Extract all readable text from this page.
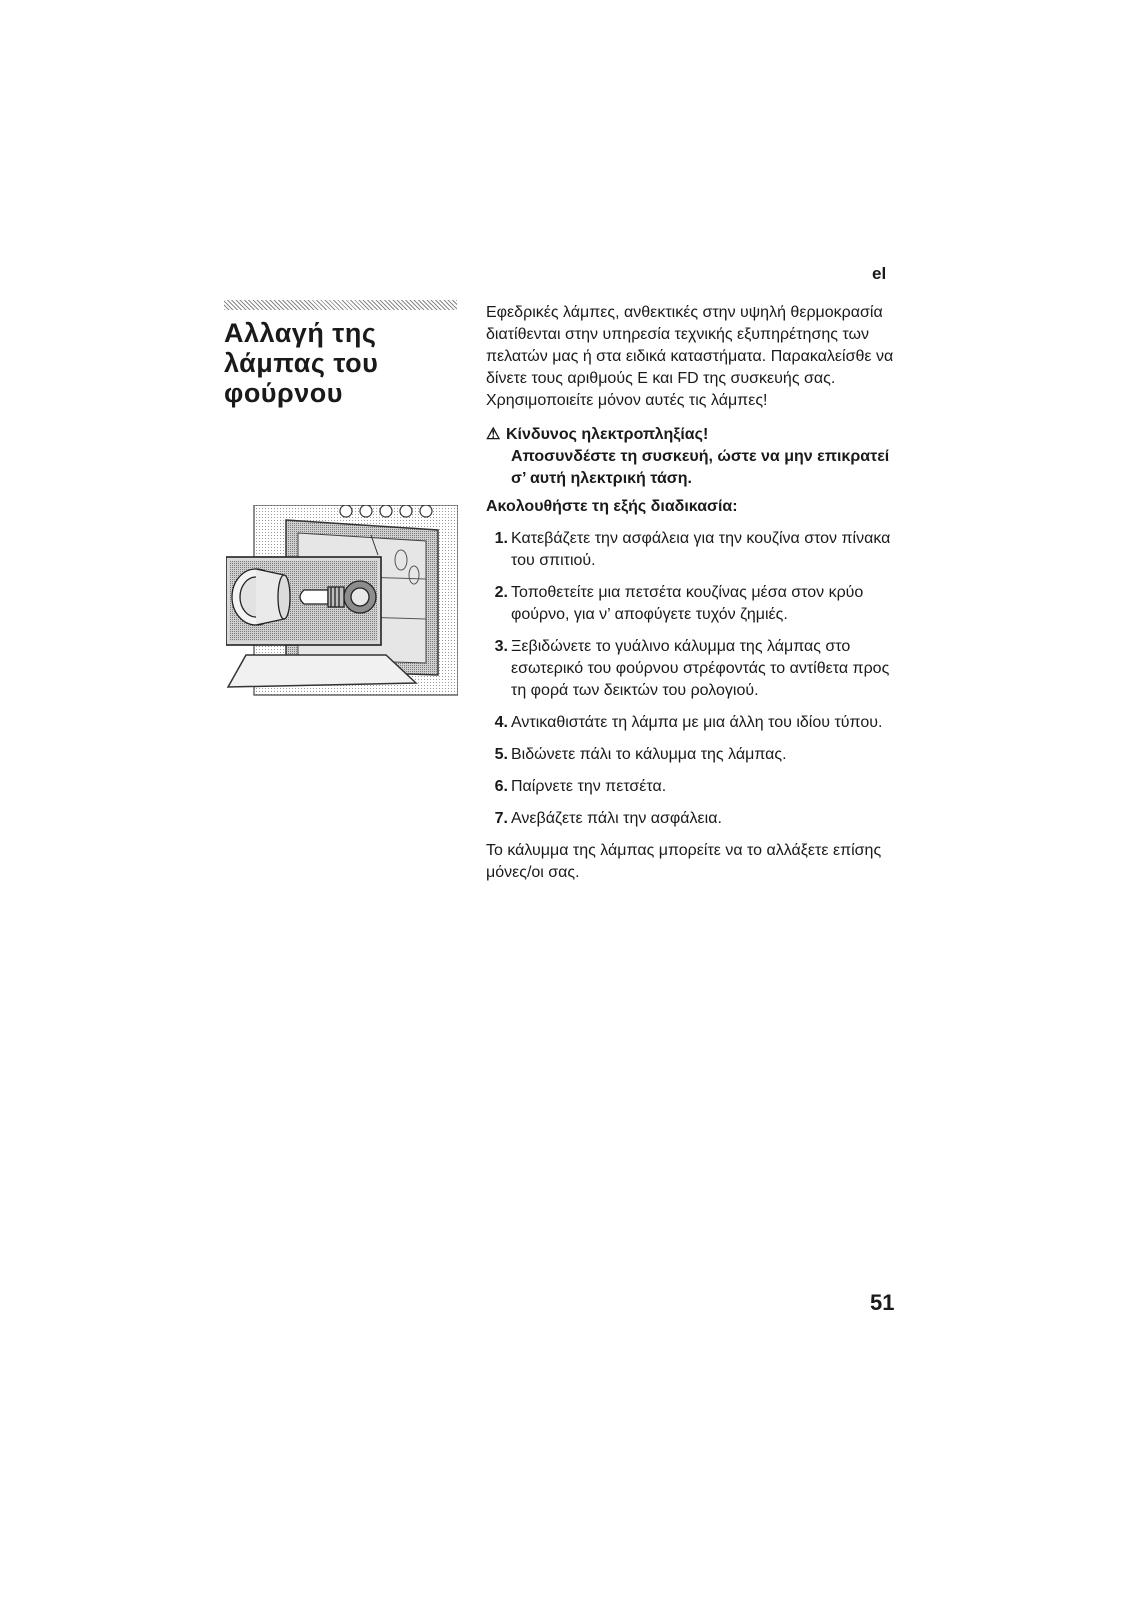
el
Αλλαγή της
λάμπας του
φούρνου

Εφεδρικές λάμπες, ανθεκτικές στην υψηλή θερμοκρασία διατίθενται στην υπηρεσία τεχνικής εξυπηρέτησης των πελατών μας ή στα ειδικά καταστήματα. Παρακαλείσθε να δίνετε τους αριθμούς E και FD της συσκευής σας. Χρησιμοποιείτε μόνον αυτές τις λάμπες!

⚠ Κίνδυνος ηλεκτροπληξίας!
Αποσυνδέστε τη συσκευή, ώστε να μην επικρατεί σ’ αυτή ηλεκτρική τάση.

Ακολουθήστε τη εξής διαδικασία:

1. Κατεβάζετε την ασφάλεια για την κουζίνα στον πίνακα του σπιτιού.
2. Τοποθετείτε μια πετσέτα κουζίνας μέσα στον κρύο φούρνο, για ν’ αποφύγετε τυχόν ζημιές.
3. Ξεβιδώνετε το γυάλινο κάλυμμα της λάμπας στο εσωτερικό του φούρνου στρέφοντάς το αντίθετα προς τη φορά των δεικτών του ρολογιού.
4. Αντικαθιστάτε τη λάμπα με μια άλλη του ιδίου τύπου.
5. Βιδώνετε πάλι το κάλυμμα της λάμπας.
6. Παίρνετε την πετσέτα.
7. Ανεβάζετε πάλι την ασφάλεια.

Το κάλυμμα της λάμπας μπορείτε να το αλλάξετε επίσης μόνες/οι σας.

51
